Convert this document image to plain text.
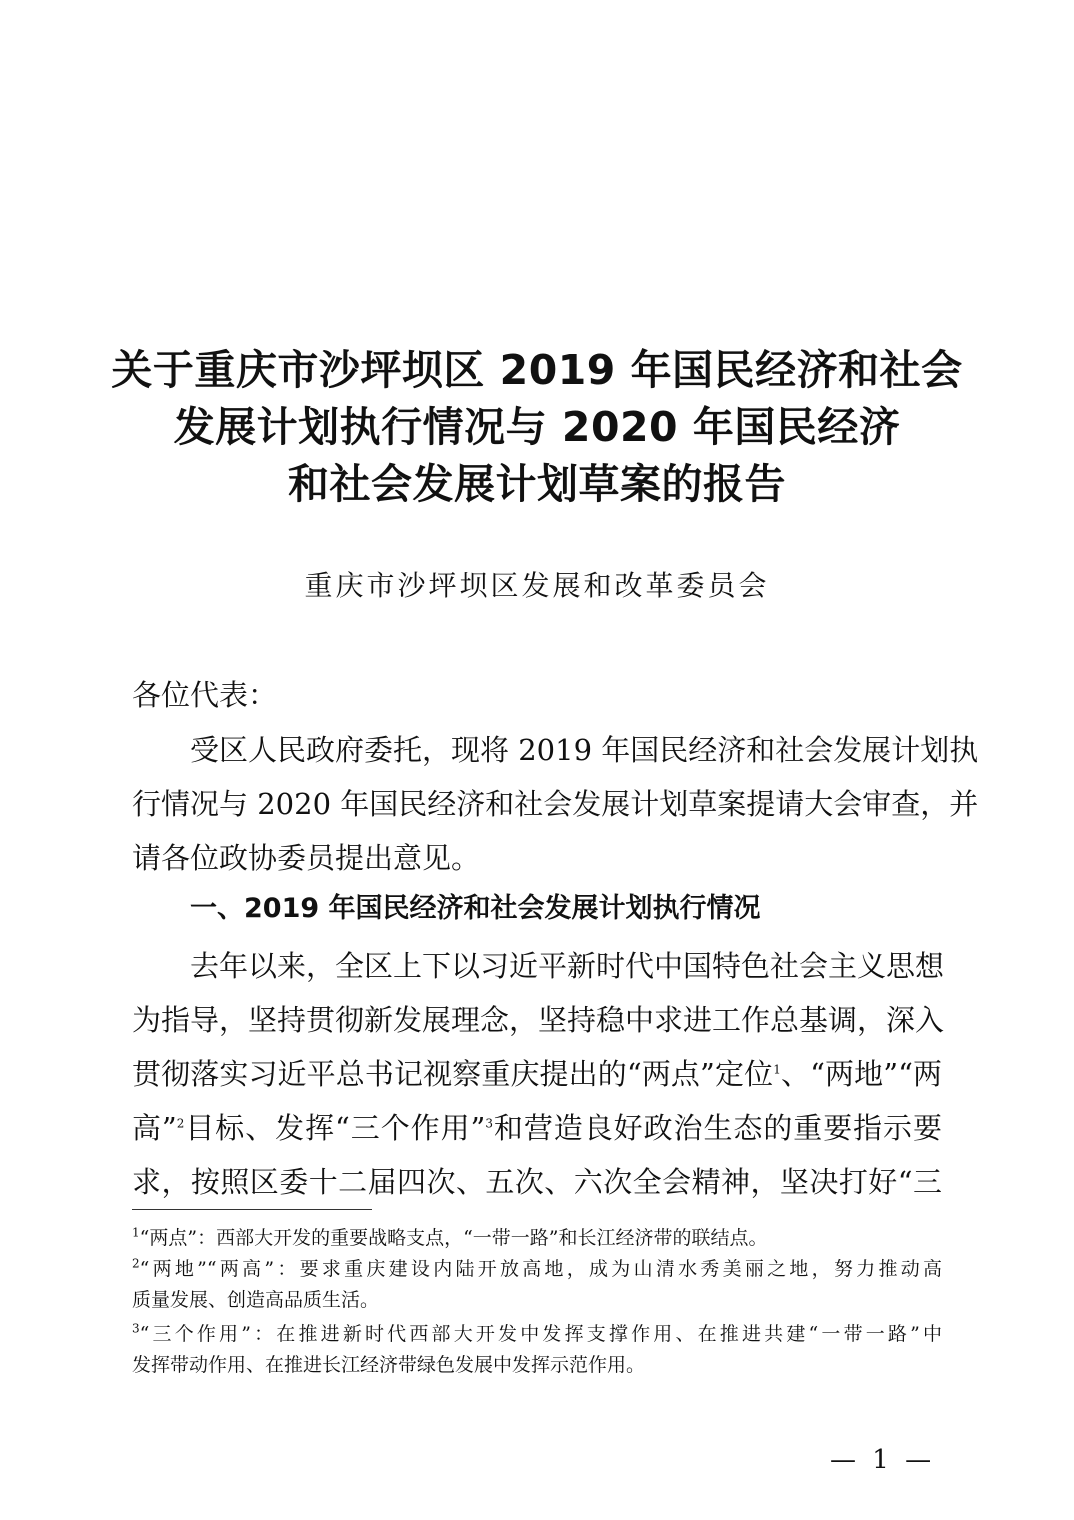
关于重庆市沙坪坝区 2019 年国民经济和社会
发展计划执行情况与 2020 年国民经济
和社会发展计划草案的报告
重庆市沙坪坝区发展和改革委员会
各位代表：
受区人民政府委托，现将 2019 年国民经济和社会发展计划执
行情况与 2020 年国民经济和社会发展计划草案提请大会审查，并
请各位政协委员提出意见。
一、2019 年国民经济和社会发展计划执行情况
去年以来，全区上下以习近平新时代中国特色社会主义思想
为指导，坚持贯彻新发展理念，坚持稳中求进工作总基调，深入
贯彻落实习近平总书记视察重庆提出的“两点”定位$^1$、“两地”“两
高”$^2$目标、发挥“三个作用”$^3$和营造良好政治生态的重要指示要
求，按照区委十二届四次、五次、六次全会精神，坚决打好“三
$^1$“两点”：西部大开发的重要战略支点，“一带一路”和长江经济带的联结点。
$^2$“两地”“两高”：要求重庆建设内陆开放高地，成为山清水秀美丽之地，努力推动高
质量发展、创造高品质生活。
$^3$“三个作用”：在推进新时代西部大开发中发挥支撑作用、在推进共建“一带一路”中
发挥带动作用、在推进长江经济带绿色发展中发挥示范作用。
— 1 —
